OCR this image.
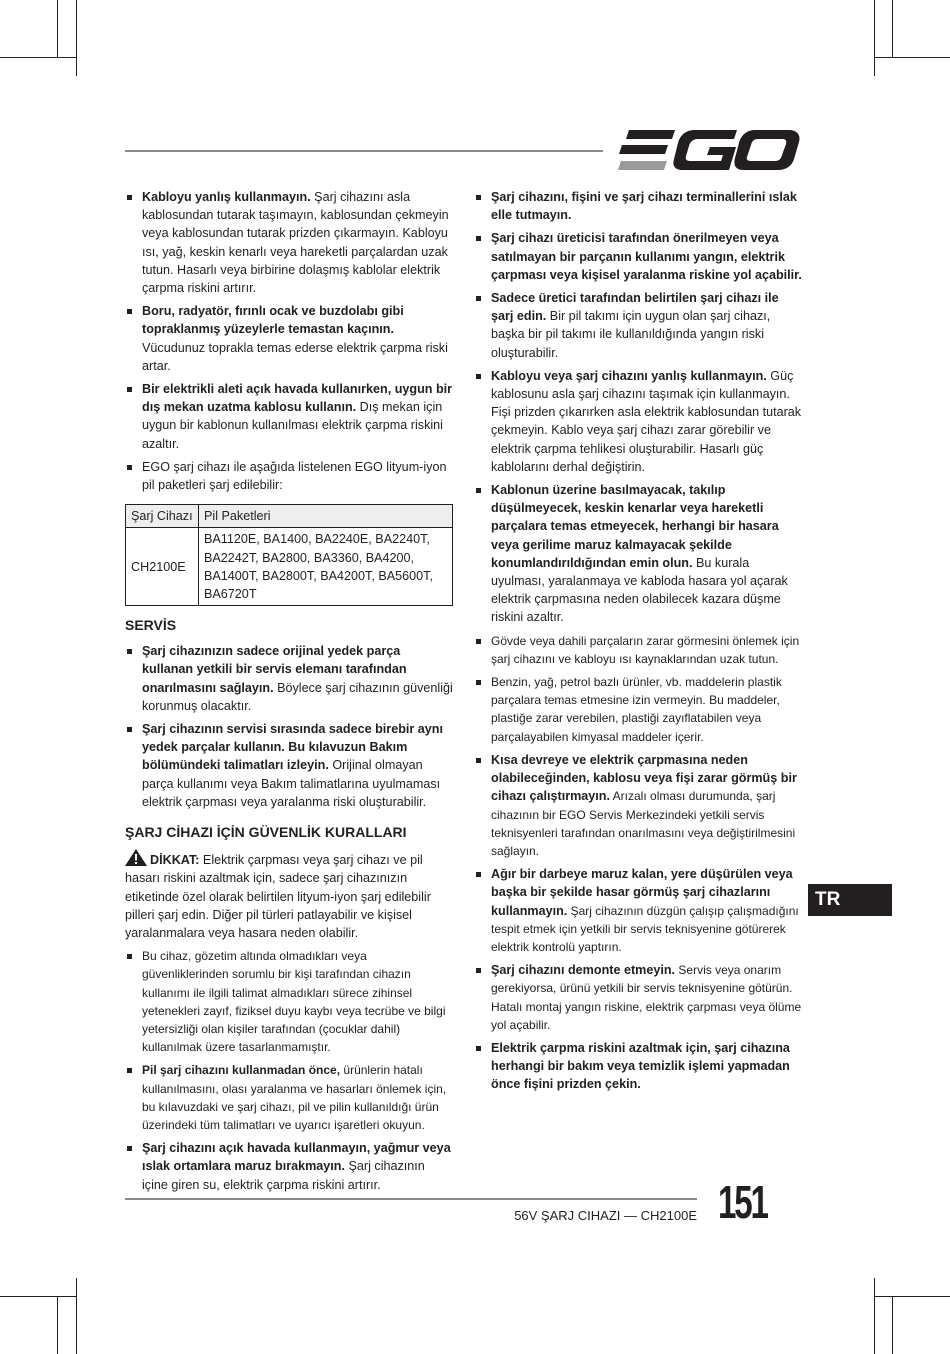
Kabloyu yanlış kullanmayın. Şarj cihazını asla kablosundan tutarak taşımayın, kablosundan çekmeyin veya kablosundan tutarak prizden çıkarmayın. Kabloyu ısı, yağ, keskin kenarlı veya hareketli parçalardan uzak tutun. Hasarlı veya birbirine dolaşmış kablolar elektrik çarpma riskini artırır.
Boru, radyatör, fırınlı ocak ve buzdolabı gibi topraklanmış yüzeylerle temastan kaçının. Vücudunuz toprakla temas ederse elektrik çarpma riski artar.
Bir elektrikli aleti açık havada kullanırken, uygun bir dış mekan uzatma kablosu kullanın. Dış mekan için uygun bir kablonun kullanılması elektrik çarpma riskini azaltır.
EGO şarj cihazı ile aşağıda listelenen EGO lityum-iyon pil paketleri şarj edilebilir:
Şarj Cihazı	Pil Paketleri
CH2100E	BA1120E, BA1400, BA2240E, BA2240T, BA2242T, BA2800, BA3360, BA4200, BA1400T, BA2800T, BA4200T, BA5600T, BA6720T
SERVİS
Şarj cihazınızın sadece orijinal yedek parça kullanan yetkili bir servis elemanı tarafından onarılmasını sağlayın. Böylece şarj cihazının güvenliği korunmuş olacaktır.
Şarj cihazının servisi sırasında sadece birebir aynı yedek parçalar kullanın. Bu kılavuzun Bakım bölümündeki talimatları izleyin. Orijinal olmayan parça kullanımı veya Bakım talimatlarına uyulmaması elektrik çarpması veya yaralanma riski oluşturabilir.
ŞARJ CİHAZI İÇİN GÜVENLİK KURALLARI
DİKKAT: Elektrik çarpması veya şarj cihazı ve pil hasarı riskini azaltmak için, sadece şarj cihazınızın etiketinde özel olarak belirtilen lityum-iyon şarj edilebilir pilleri şarj edin. Diğer pil türleri patlayabilir ve kişisel yaralanmalara veya hasara neden olabilir.
Bu cihaz, gözetim altında olmadıkları veya güvenliklerinden sorumlu bir kişi tarafından cihazın kullanımı ile ilgili talimat almadıkları sürece zihinsel yetenekleri zayıf, fiziksel duyu kaybı veya tecrübe ve bilgi yetersizliği olan kişiler tarafından (çocuklar dahil) kullanılmak üzere tasarlanmamıştır.
Pil şarj cihazını kullanmadan önce, ürünlerin hatalı kullanılmasını, olası yaralanma ve hasarları önlemek için, bu kılavuzdaki ve şarj cihazı, pil ve pilin kullanıldığı ürün üzerindeki tüm talimatları ve uyarıcı işaretleri okuyun.
Şarj cihazını açık havada kullanmayın, yağmur veya ıslak ortamlara maruz bırakmayın. Şarj cihazının içine giren su, elektrik çarpma riskini artırır.
Şarj cihazını, fişini ve şarj cihazı terminallerini ıslak elle tutmayın.
Şarj cihazı üreticisi tarafından önerilmeyen veya satılmayan bir parçanın kullanımı yangın, elektrik çarpması veya kişisel yaralanma riskine yol açabilir.
Sadece üretici tarafından belirtilen şarj cihazı ile şarj edin. Bir pil takımı için uygun olan şarj cihazı, başka bir pil takımı ile kullanıldığında yangın riski oluşturabilir.
Kabloyu veya şarj cihazını yanlış kullanmayın. Güç kablosunu asla şarj cihazını taşımak için kullanmayın. Fişi prizden çıkarırken asla elektrik kablosundan tutarak çekmeyin. Kablo veya şarj cihazı zarar görebilir ve elektrik çarpma tehlikesi oluşturabilir. Hasarlı güç kablolarını derhal değiştirin.
Kablonun üzerine basılmayacak, takılıp düşülmeyecek, keskin kenarlar veya hareketli parçalara temas etmeyecek, herhangi bir hasara veya gerilime maruz kalmayacak şekilde konumlandırıldığından emin olun. Bu kurala uyulması, yaralanmaya ve kabloda hasara yol açarak elektrik çarpmasına neden olabilecek kazara düşme riskini azaltır.
Gövde veya dahili parçaların zarar görmesini önlemek için şarj cihazını ve kabloyu ısı kaynaklarından uzak tutun.
Benzin, yağ, petrol bazlı ürünler, vb. maddelerin plastik parçalara temas etmesine izin vermeyin. Bu maddeler, plastiğe zarar verebilen, plastiği zayıflatabilen veya parçalayabilen kimyasal maddeler içerir.
Kısa devreye ve elektrik çarpmasına neden olabileceğinden, kablosu veya fişi zarar görmüş bir cihazı çalıştırmayın. Arızalı olması durumunda, şarj cihazının bir EGO Servis Merkezindeki yetkili servis teknisyenleri tarafından onarılmasını veya değiştirilmesini sağlayın.
Ağır bir darbeye maruz kalan, yere düşürülen veya başka bir şekilde hasar görmüş şarj cihazlarını kullanmayın. Şarj cihazının düzgün çalışıp çalışmadığını tespit etmek için yetkili bir servis teknisyenine götürerek elektrik kontrolü yaptırın.
Şarj cihazını demonte etmeyin. Servis veya onarım gerekiyorsa, ürünü yetkili bir servis teknisyenine götürün. Hatalı montaj yangın riskine, elektrik çarpması veya ölüme yol açabilir.
Elektrik çarpma riskini azaltmak için, şarj cihazına herhangi bir bakım veya temizlik işlemi yapmadan önce fişini prizden çekin.
TR
56V ŞARJ CIHAZI — CH2100E 151
